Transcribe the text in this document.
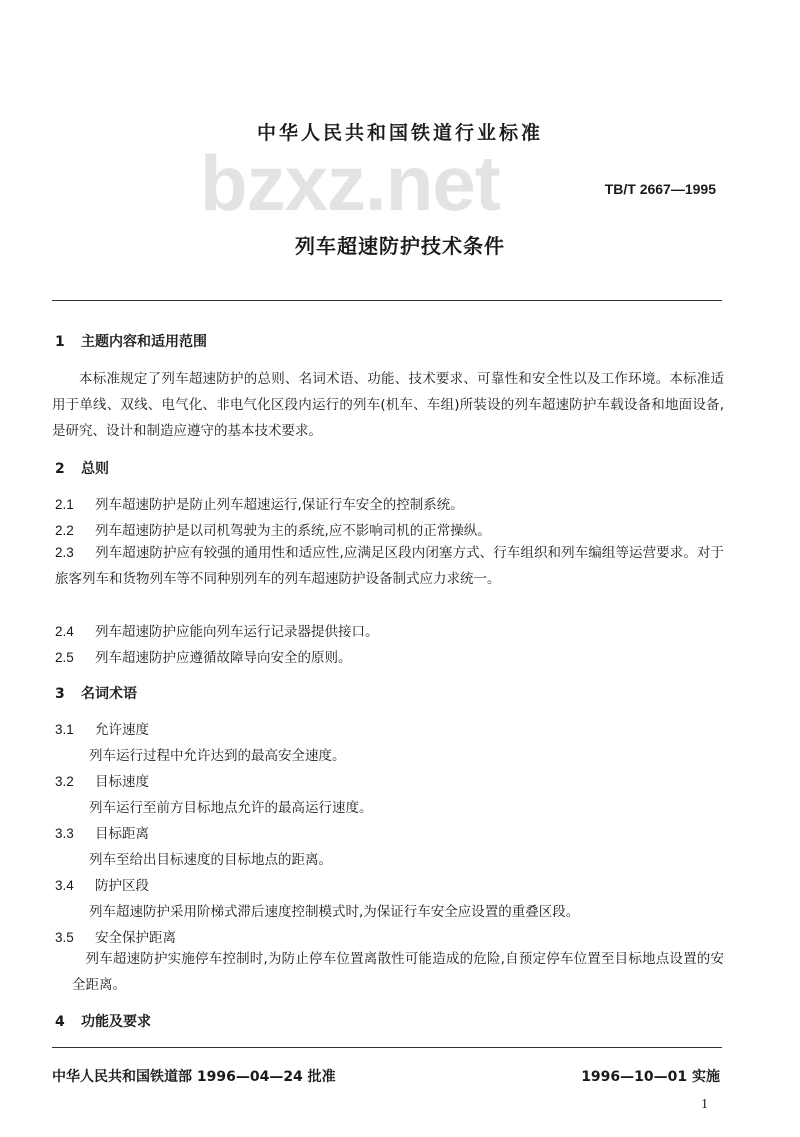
中华人民共和国铁道行业标准
bzxz.net	TB/T 2667—1995
列车超速防护技术条件
1 主题内容和适用范围
本标准规定了列车超速防护的总则、名词术语、功能、技术要求、可靠性和安全性以及工作环境。本标准适用于单线、双线、电气化、非电气化区段内运行的列车(机车、车组)所装设的列车超速防护车载设备和地面设备,是研究、设计和制造应遵守的基本技术要求。
2 总则
2.1 列车超速防护是防止列车超速运行,保证行车安全的控制系统。
2.2 列车超速防护是以司机驾驶为主的系统,应不影响司机的正常操纵。
2.3 列车超速防护应有较强的通用性和适应性,应满足区段内闭塞方式、行车组织和列车编组等运营要求。对于旅客列车和货物列车等不同种别列车的列车超速防护设备制式应力求统一。
2.4 列车超速防护应能向列车运行记录器提供接口。
2.5 列车超速防护应遵循故障导向安全的原则。
3 名词术语
3.1 允许速度
列车运行过程中允许达到的最高安全速度。
3.2 目标速度
列车运行至前方目标地点允许的最高运行速度。
3.3 目标距离
列车至给出目标速度的目标地点的距离。
3.4 防护区段
列车超速防护采用阶梯式滞后速度控制模式时,为保证行车安全应设置的重叠区段。
3.5 安全保护距离
列车超速防护实施停车控制时,为防止停车位置离散性可能造成的危险,自预定停车位置至目标地点设置的安全距离。
4 功能及要求
中华人民共和国铁道部 1996—04—24 批准	1996—10—01 实施
1
